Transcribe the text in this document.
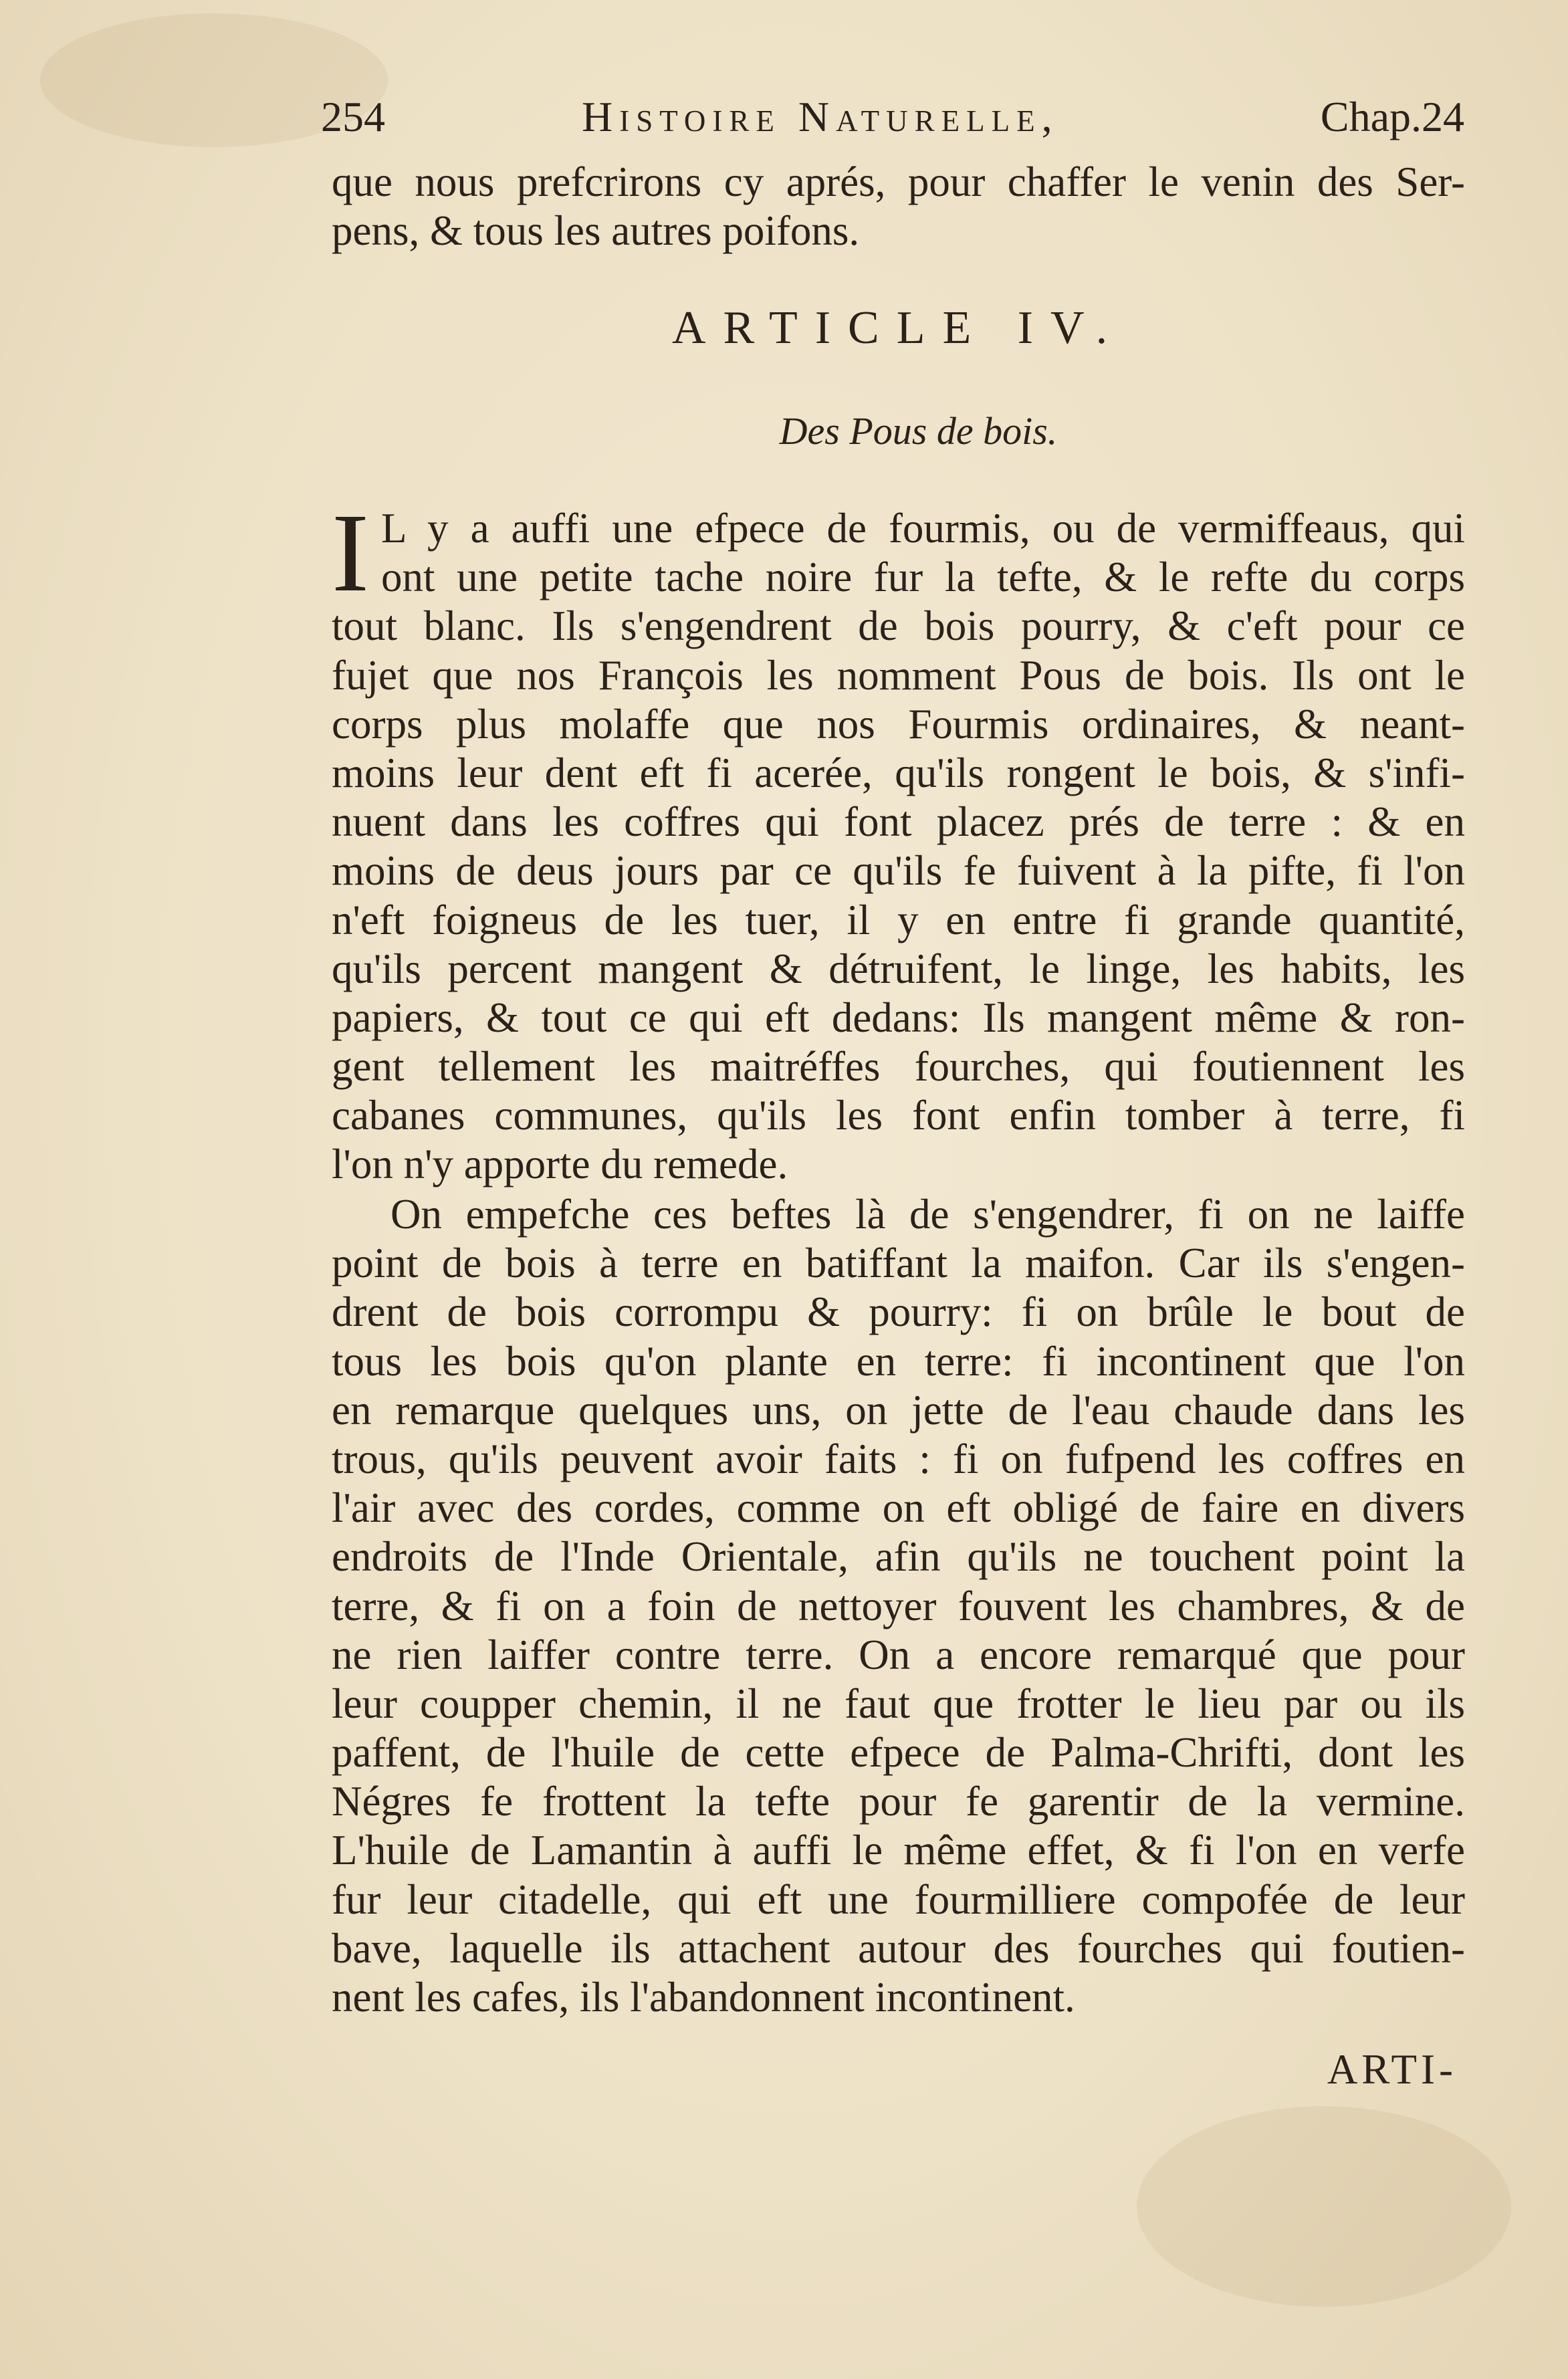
254	Histoire Naturelle,	Chap.24
que nous prefcrirons cy aprés, pour chaffer le venin des Ser-
pens, & tous les autres poifons.
ARTICLE IV.
Des Pous de bois.
I L y a auffi une efpece de fourmis, ou de vermiffeaus, qui
ont une petite tache noire fur la tefte, & le refte du corps
tout blanc. Ils s'engendrent de bois pourry, & c'eft pour ce
fujet que nos François les nomment Pous de bois. Ils ont le
corps plus molaffe que nos Fourmis ordinaires, & neant-
moins leur dent eft fi acerée, qu'ils rongent le bois, & s'infi-
nuent dans les coffres qui font placez prés de terre : & en
moins de deus jours par ce qu'ils fe fuivent à la pifte, fi l'on
n'eft foigneus de les tuer, il y en entre fi grande quantité,
qu'ils percent mangent & détruifent, le linge, les habits, les
papiers, & tout ce qui eft dedans: Ils mangent même & ron-
gent tellement les maitréffes fourches, qui foutiennent les
cabanes communes, qu'ils les font enfin tomber à terre, fi
l'on n'y apporte du remede.
On empefche ces beftes là de s'engendrer, fi on ne laiffe
point de bois à terre en batiffant la maifon. Car ils s'engen-
drent de bois corrompu & pourry: fi on brûle le bout de
tous les bois qu'on plante en terre: fi incontinent que l'on
en remarque quelques uns, on jette de l'eau chaude dans les
trous, qu'ils peuvent avoir faits : fi on fufpend les coffres en
l'air avec des cordes, comme on eft obligé de faire en divers
endroits de l'Inde Orientale, afin qu'ils ne touchent point la
terre, & fi on a foin de nettoyer fouvent les chambres, & de
ne rien laiffer contre terre. On a encore remarqué que pour
leur coupper chemin, il ne faut que frotter le lieu par ou ils
paffent, de l'huile de cette efpece de Palma-Chrifti, dont les
Négres fe frottent la tefte pour fe garentir de la vermine.
L'huile de Lamantin à auffi le même effet, & fi l'on en verfe
fur leur citadelle, qui eft une fourmilliere compofée de leur
bave, laquelle ils attachent autour des fourches qui foutien-
nent les cafes, ils l'abandonnent incontinent.
ARTI-
